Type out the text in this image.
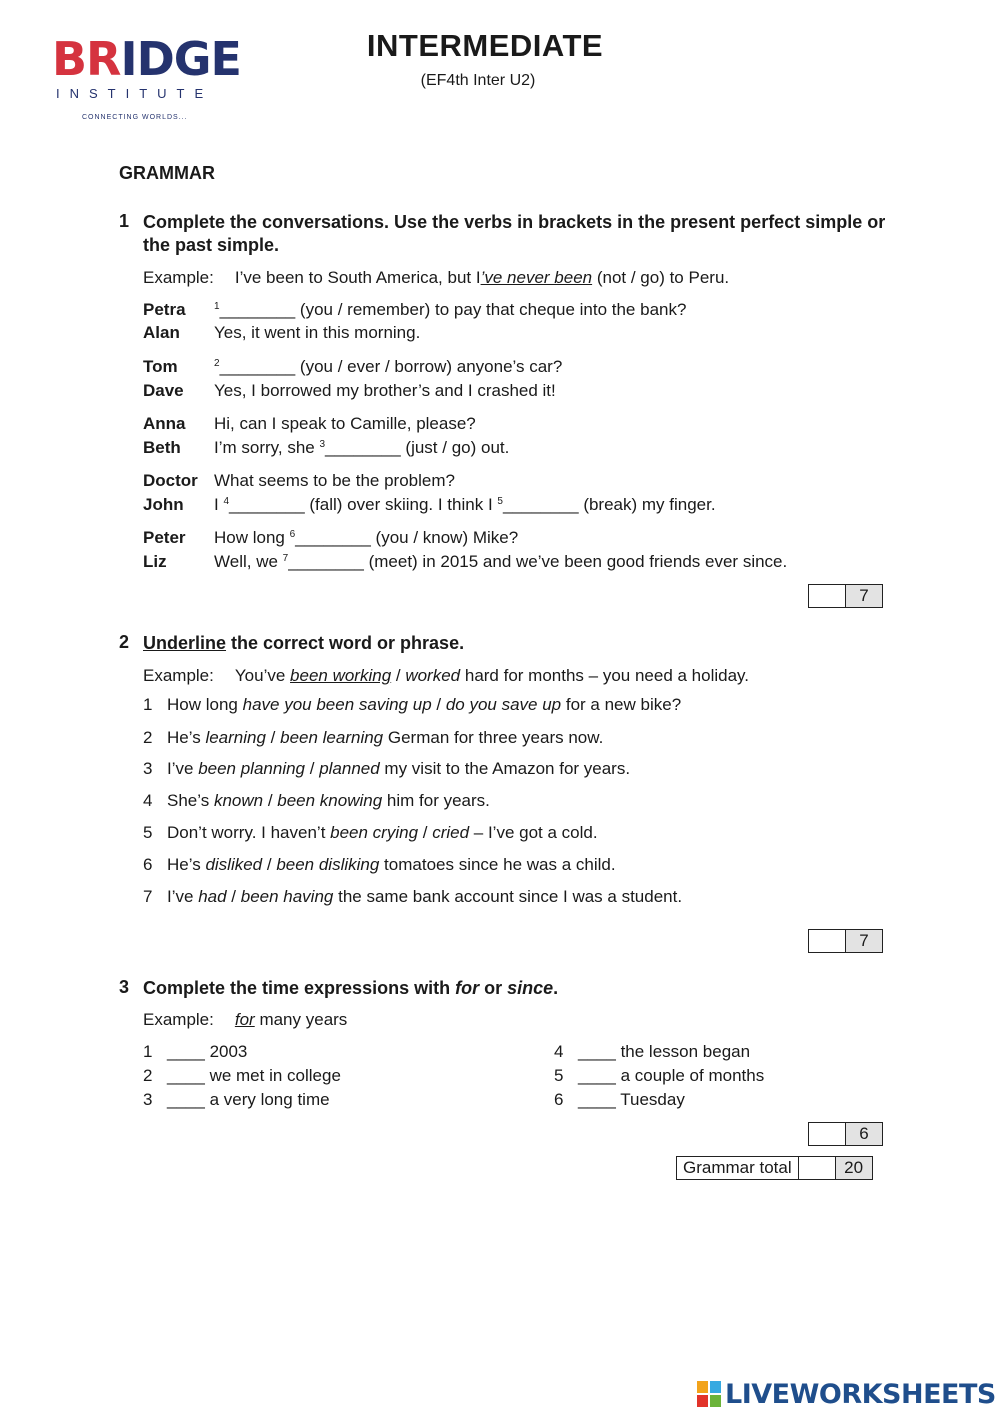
BRIDGE
INSTITUTE
CONNECTING WORLDS...
INTERMEDIATE
(EF4th Inter U2)
GRAMMAR
1 Complete the conversations. Use the verbs in brackets in the present perfect simple or the past simple.
Example: I’ve been to South America, but I’ve never been (not / go) to Peru.
Petra	$^1$________ (you / remember) to pay that cheque into the bank?
Alan Yes, it went in this morning.
Tom	$^2$________ (you / ever / borrow) anyone’s car?
Dave Yes, I borrowed my brother’s and I crashed it!
Anna Hi, can I speak to Camille, please?
Beth I’m sorry, she $^3$________ (just / go) out.
Doctor What seems to be the problem?
John I $^4$________ (fall) over skiing. I think I $^5$________ (break) my finger.
Peter How long $^6$________ (you / know) Mike?
Liz	Well, we $^7$________ (meet) in 2015 and we’ve been good friends ever since.
7
2 Underline the correct word or phrase.
Example: You’ve been working / worked hard for months – you need a holiday.
1 How long have you been saving up / do you save up for a new bike?
2 He’s learning / been learning German for three years now.
3 I’ve been planning / planned my visit to the Amazon for years.
4 She’s known / been knowing him for years.
5 Don’t worry. I haven’t been crying / cried – I’ve got a cold.
6 He’s disliked / been disliking tomatoes since he was a child.
7 I’ve had / been having the same bank account since I was a student.
7
3 Complete the time expressions with for or since.
Example: for many years
1 ____ 2003
2 ____ we met in college
3 ____ a very long time
4 ____ the lesson began
5 ____ a couple of months
6 ____ Tuesday
6
Grammar total	20
LIVEWORKSHEETS
